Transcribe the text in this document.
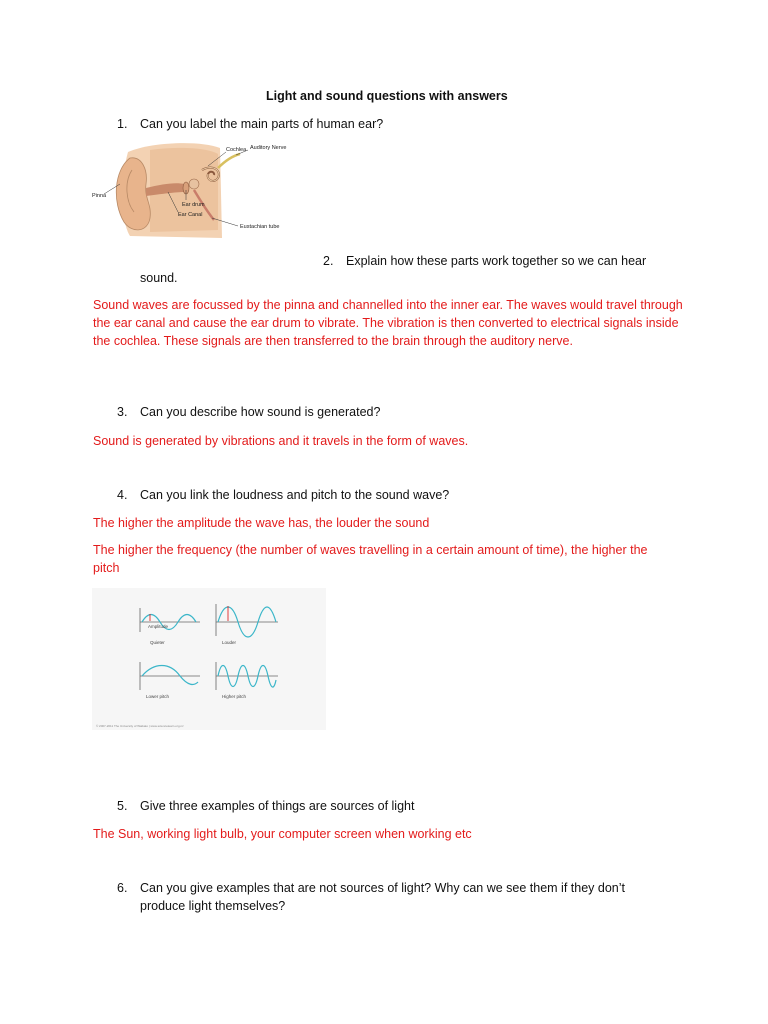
Light and sound questions with answers
1. Can you label the main parts of human ear?
Cochlea Auditory Nerve
Pinna
Ear drum
Ear Canal
Eustachian tube
2. Explain how these parts work together so we can hear
sound.
Sound waves are focussed by the pinna and channelled into the inner ear. The waves would travel through the ear canal and cause the ear drum to vibrate. The vibration is then converted to electrical signals inside the cochlea. These signals are then transferred to the brain through the auditory nerve.
3. Can you describe how sound is generated?
Sound is generated by vibrations and it travels in the form of waves.
4. Can you link the loudness and pitch to the sound wave?
The higher the amplitude the wave has, the louder the sound
The higher the frequency (the number of waves travelling in a certain amount of time), the higher the pitch
Amplitude
Quieter	Louder
Lower pitch	Higher pitch
© 2007-2011 The University of Waikato | www.sciencelearn.org.nz
5. Give three examples of things are sources of light
The Sun, working light bulb, your computer screen when working etc
6. Can you give examples that are not sources of light? Why can we see them if they don’t
produce light themselves?
